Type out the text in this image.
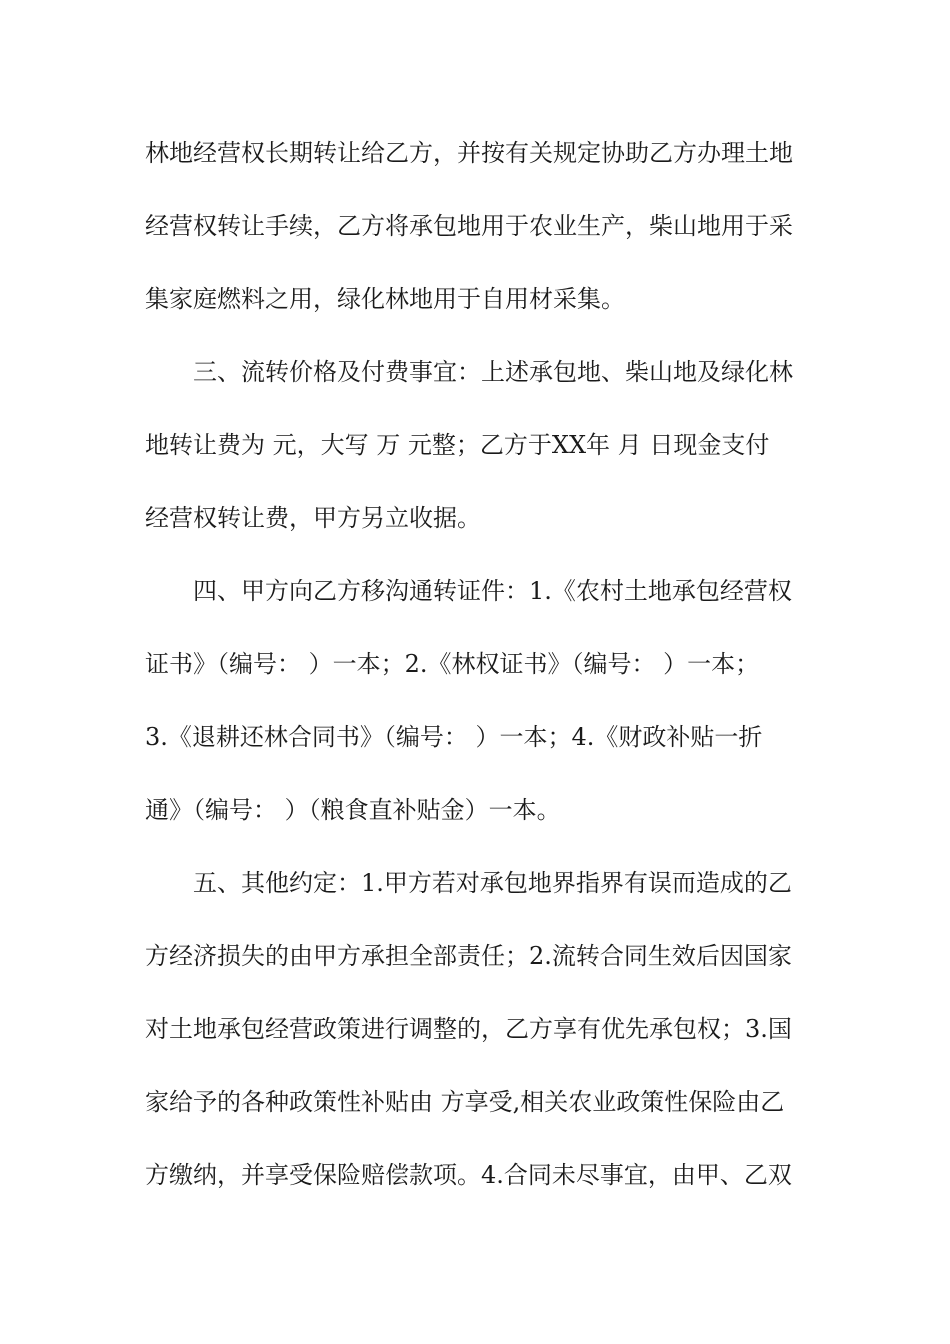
林地经营权长期转让给乙方，并按有关规定协助乙方办理土地
经营权转让手续，乙方将承包地用于农业生产，柴山地用于采
集家庭燃料之用，绿化林地用于自用材采集。
三、流转价格及付费事宜：上述承包地、柴山地及绿化林
地转让费为 元，大写 万 元整；乙方于XX年 月 日现金支付
经营权转让费，甲方另立收据。
四、甲方向乙方移沟通转证件：1.《农村土地承包经营权
证书》（编号： ）一本；2.《林权证书》（编号： ）一本；
3.《退耕还林合同书》（编号： ）一本；4.《财政补贴一折
通》（编号： ）（粮食直补贴金）一本。
五、其他约定：1.甲方若对承包地界指界有误而造成的乙
方经济损失的由甲方承担全部责任；2.流转合同生效后因国家
对土地承包经营政策进行调整的，乙方享有优先承包权；3.国
家给予的各种政策性补贴由 方享受,相关农业政策性保险由乙
方缴纳，并享受保险赔偿款项。4.合同未尽事宜，由甲、乙双
